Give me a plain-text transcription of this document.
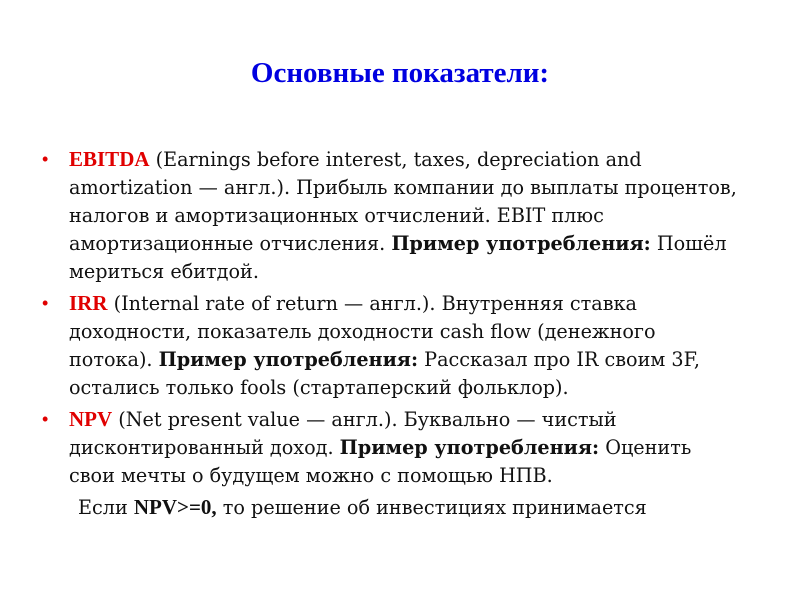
Основные показатели:
• EBITDA (Earnings before interest, taxes, depreciation and amortization — англ.). Прибыль компании до выплаты процентов, налогов и амортизационных отчислений. EBIT плюс амортизационные отчисления. Пример употребления: Пошёл мериться ебитдой.
• IRR (Internal rate of return — англ.). Внутренняя ставка доходности, показатель доходности cash flow (денежного потока). Пример употребления: Рассказал про IR своим 3F, остались только fools (стартаперский фольклор).
• NPV (Net present value — англ.). Буквально — чистый дисконтированный доход. Пример употребления: Оценить свои мечты о будущем можно с помощью НПВ.
Если NPV>=0, то решение об инвестициях принимается
